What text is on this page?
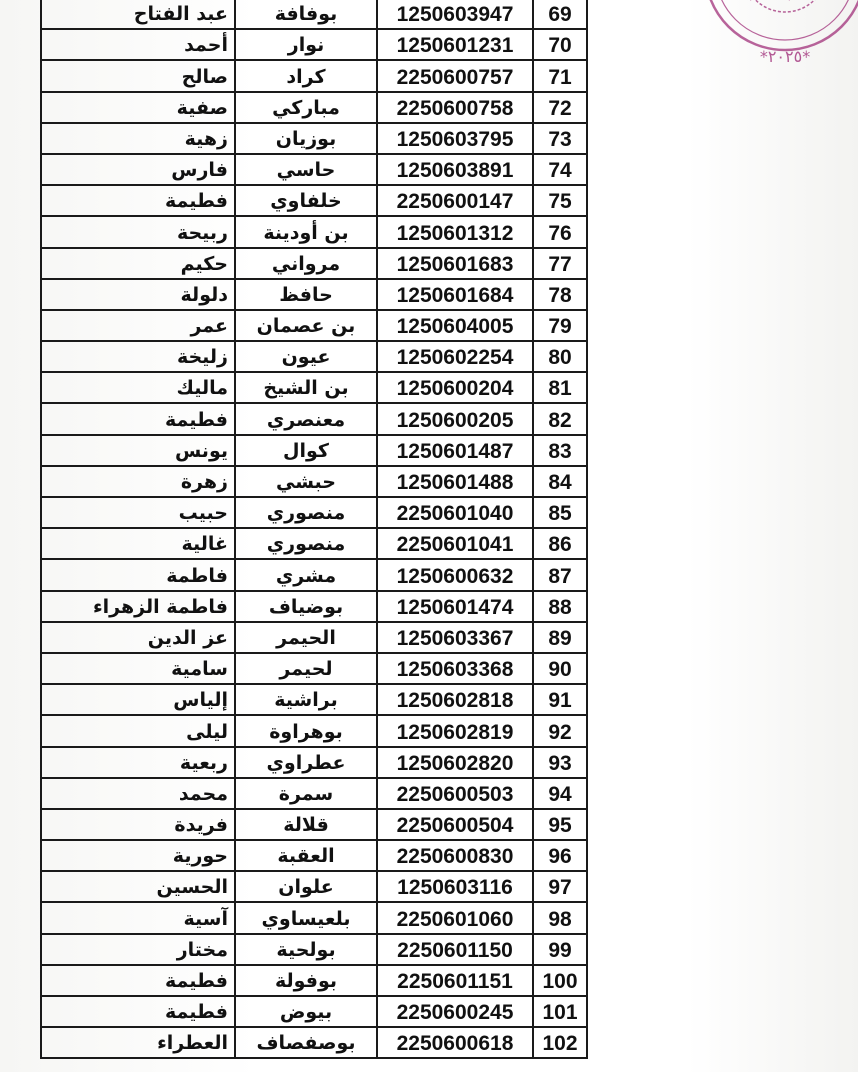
*٢٠٢٥*
عبد الفتاح	بوفافة	1250603947	69
أحمد	نوار	1250601231	70
صالح	كراد	2250600757	71
صفية	مباركي	2250600758	72
زهية	بوزيان	1250603795	73
فارس	حاسي	1250603891	74
فطيمة	خلفاوي	2250600147	75
ربيحة	بن أودينة	1250601312	76
حكيم	مرواني	1250601683	77
دلولة	حافظ	1250601684	78
عمر	بن عصمان	1250604005	79
زليخة	عيون	1250602254	80
ماليك	بن الشيخ	1250600204	81
فطيمة	معنصري	1250600205	82
يونس	كوال	1250601487	83
زهرة	حبشي	1250601488	84
حبيب	منصوري	2250601040	85
غالية	منصوري	2250601041	86
فاطمة	مشري	1250600632	87
فاطمة الزهراء	بوضياف	1250601474	88
عز الدين	الحيمر	1250603367	89
سامية	لحيمر	1250603368	90
إلياس	براشية	1250602818	91
ليلى	بوهراوة	1250602819	92
ربعية	عطراوي	1250602820	93
محمد	سمرة	2250600503	94
فريدة	قلالة	2250600504	95
حورية	العقبة	2250600830	96
الحسين	علوان	1250603116	97
آسية	بلعيساوي	2250601060	98
مختار	بولحية	2250601150	99
فطيمة	بوفولة	2250601151	100
فطيمة	بيوض	2250600245	101
العطراء	بوصفصاف	2250600618	102
